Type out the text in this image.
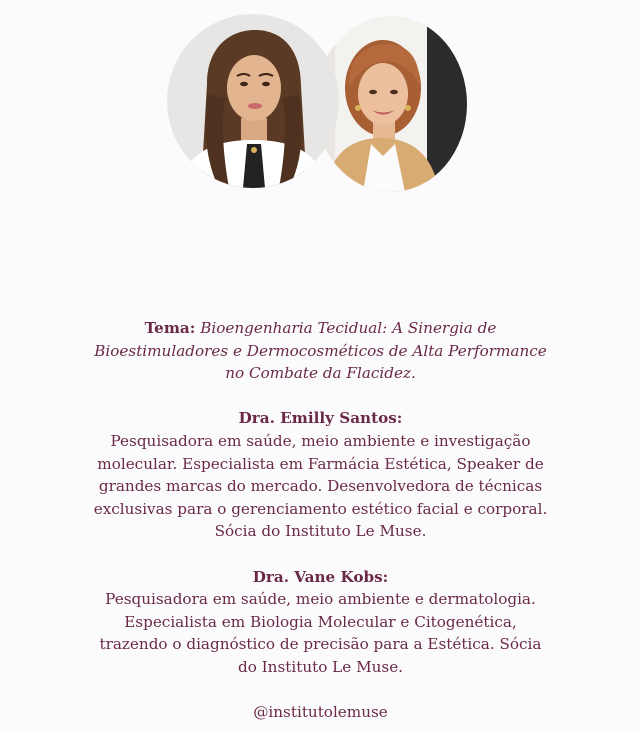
Tema: Bioengenharia Tecidual: A Sinergia de
Bioestimuladores e Dermocosméticos de Alta Performance
no Combate da Flacidez.
Dra. Emilly Santos:
Pesquisadora em saúde, meio ambiente e investigação
molecular. Especialista em Farmácia Estética, Speaker de
grandes marcas do mercado. Desenvolvedora de técnicas
exclusivas para o gerenciamento estético facial e corporal.
Sócia do Instituto Le Muse.
Dra. Vane Kobs:
Pesquisadora em saúde, meio ambiente e dermatologia.
Especialista em Biologia Molecular e Citogenética,
trazendo o diagnóstico de precisão para a Estética. Sócia
do Instituto Le Muse.
@institutolemuse
